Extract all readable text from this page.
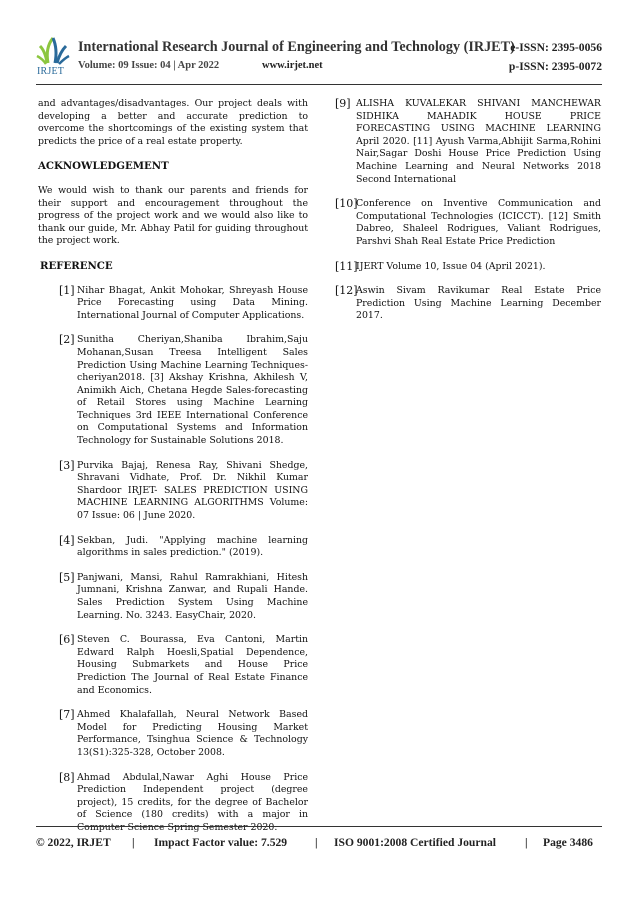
IRJET
International Research Journal of Engineering and Technology (IRJET)
e-ISSN: 2395-0056
Volume: 09 Issue: 04 | Apr 2022	www.irjet.net	p-ISSN: 2395-0072

and advantages/disadvantages. Our project deals with developing a better and accurate prediction to overcome the shortcomings of the existing system that predicts the price of a real estate property.

ACKNOWLEDGEMENT

We would wish to thank our parents and friends for their support and encouragement throughout the progress of the project work and we would also like to thank our guide, Mr. Abhay Patil for guiding throughout the project work.

REFERENCE
[1] Nihar Bhagat, Ankit Mohokar, Shreyash House Price Forecasting using Data Mining. International Journal of Computer Applications.
[2] Sunitha Cheriyan,Shaniba Ibrahim,Saju Mohanan,Susan Treesa Intelligent Sales Prediction Using Machine Learning Techniques-cheriyan2018. [3] Akshay Krishna, Akhilesh V, Animikh Aich, Chetana Hegde Sales-forecasting of Retail Stores using Machine Learning Techniques 3rd IEEE International Conference on Computational Systems and Information Technology for Sustainable Solutions 2018.
[3] Purvika Bajaj, Renesa Ray, Shivani Shedge, Shravani Vidhate, Prof. Dr. Nikhil Kumar Shardoor IRJET- SALES PREDICTION USING MACHINE LEARNING ALGORITHMS Volume: 07 Issue: 06 | June 2020.
[4] Sekban, Judi. "Applying machine learning algorithms in sales prediction." (2019).
[5] Panjwani, Mansi, Rahul Ramrakhiani, Hitesh Jumnani, Krishna Zanwar, and Rupali Hande. Sales Prediction System Using Machine Learning. No. 3243. EasyChair, 2020.
[6] Steven C. Bourassa, Eva Cantoni, Martin Edward Ralph Hoesli,Spatial Dependence, Housing Submarkets and House Price Prediction The Journal of Real Estate Finance and Economics.
[7] Ahmed Khalafallah, Neural Network Based Model for Predicting Housing Market Performance, Tsinghua Science & Technology 13(S1):325-328, October 2008.
[8] Ahmad Abdulal,Nawar Aghi House Price Prediction Independent project (degree project), 15 credits, for the degree of Bachelor of Science (180 credits) with a major in Computer Science Spring Semester 2020.
[9] ALISHA KUVALEKAR SHIVANI MANCHEWAR SIDHIKA MAHADIK HOUSE PRICE FORECASTING USING MACHINE LEARNING April 2020. [11] Ayush Varma,Abhijit Sarma,Rohini Nair,Sagar Doshi House Price Prediction Using Machine Learning and Neural Networks 2018 Second International
[10]
Conference on Inventive Communication and Computational Technologies (ICICCT). [12] Smith Dabreo, Shaleel Rodrigues, Valiant Rodrigues, Parshvi Shah Real Estate Price Prediction
[11]
IJERT Volume 10, Issue 04 (April 2021).
[12]
Aswin Sivam Ravikumar Real Estate Price Prediction Using Machine Learning December 2017.
© 2022, IRJET | Impact Factor value: 7.529 | ISO 9001:2008 Certified Journal	| Page 3486
